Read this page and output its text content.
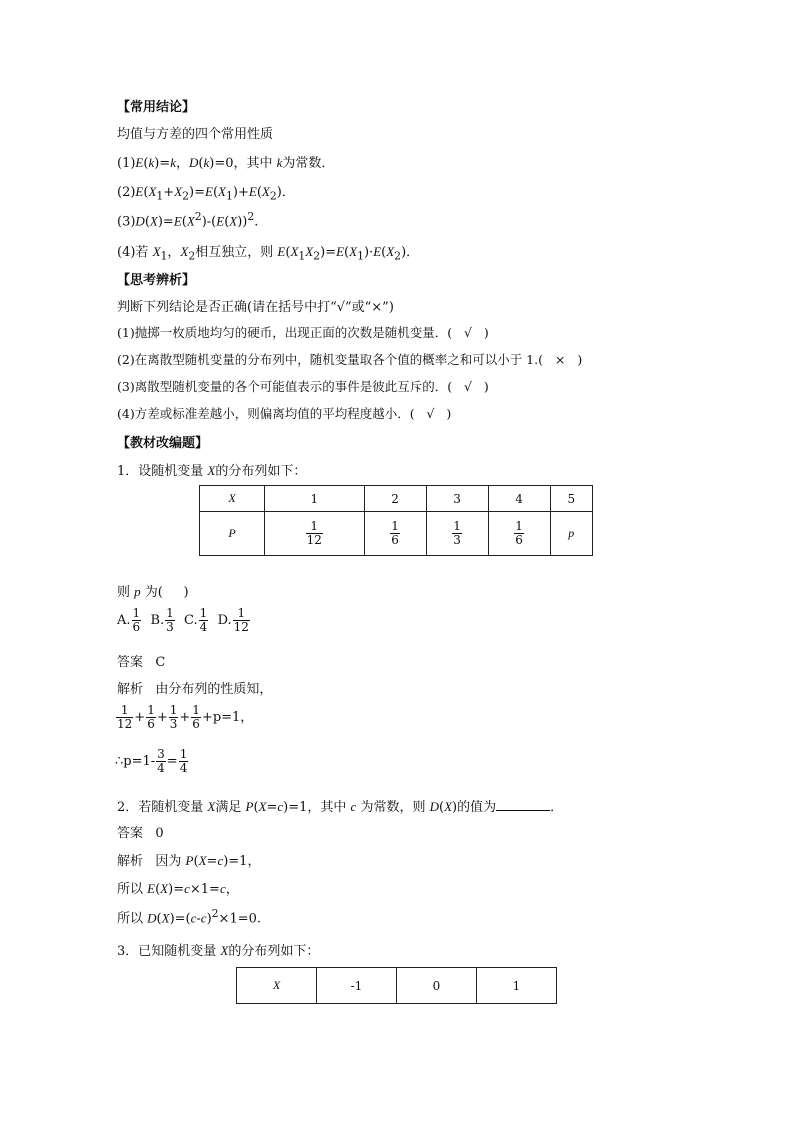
【常用结论】
均值与方差的四个常用性质
(1)E(k)=k，D(k)=0，其中 k为常数．
$(2)E(X_1+X_2)=E(X_1)+E(X_2)$．
$(3)D(X)=E(X^2)-(E(X))^2$.
(4)若 $X_1$，$X_2$相互独立，则 $E(X_1X_2)=E(X_1)\cdot E(X_2)$．
【思考辨析】
判断下列结论是否正确(请在括号中打“√”或“×”)
(1)抛掷一枚质地均匀的硬币，出现正面的次数是随机变量．( √ )
(2)在离散型随机变量的分布列中，随机变量取各个值的概率之和可以小于 1.( × )
(3)离散型随机变量的各个可能值表示的事件是彼此互斥的．( √ )
(4)方差或标准差越小，则偏离均值的平均程度越小．( √ )
【教材改编题】
1．设随机变量 X的分布列如下：
X	1	2	3	4	5
P	$\frac{1}{12}$	$\frac{1}{6}$	$\frac{1}{3}$	$\frac{1}{6}$	p
则 p 为(     )
A. $\frac{1}{6} B$. $\frac{1}{3} C$. $\frac{1}{4} D$. $\frac{1}{12}$
答案 C
解析 由分布列的性质知，
$\frac{1}{12} + \frac{1}{6} + \frac{1}{3} + \frac{1}{6} +p=1$，
∴p=1- $\frac{3}{4} = \frac{1}{4}$
2．若随机变量 X满足 P(X=c)=1，其中 c 为常数，则 D(X)的值为	．
答案 0
解析   因为 P(X=c)=1，
所以 E(X)=c×1=c，
所以 $D(X)=(c-c)^2\times 1=0$.
3．已知随机变量 X的分布列如下：
X	-1	0	1
